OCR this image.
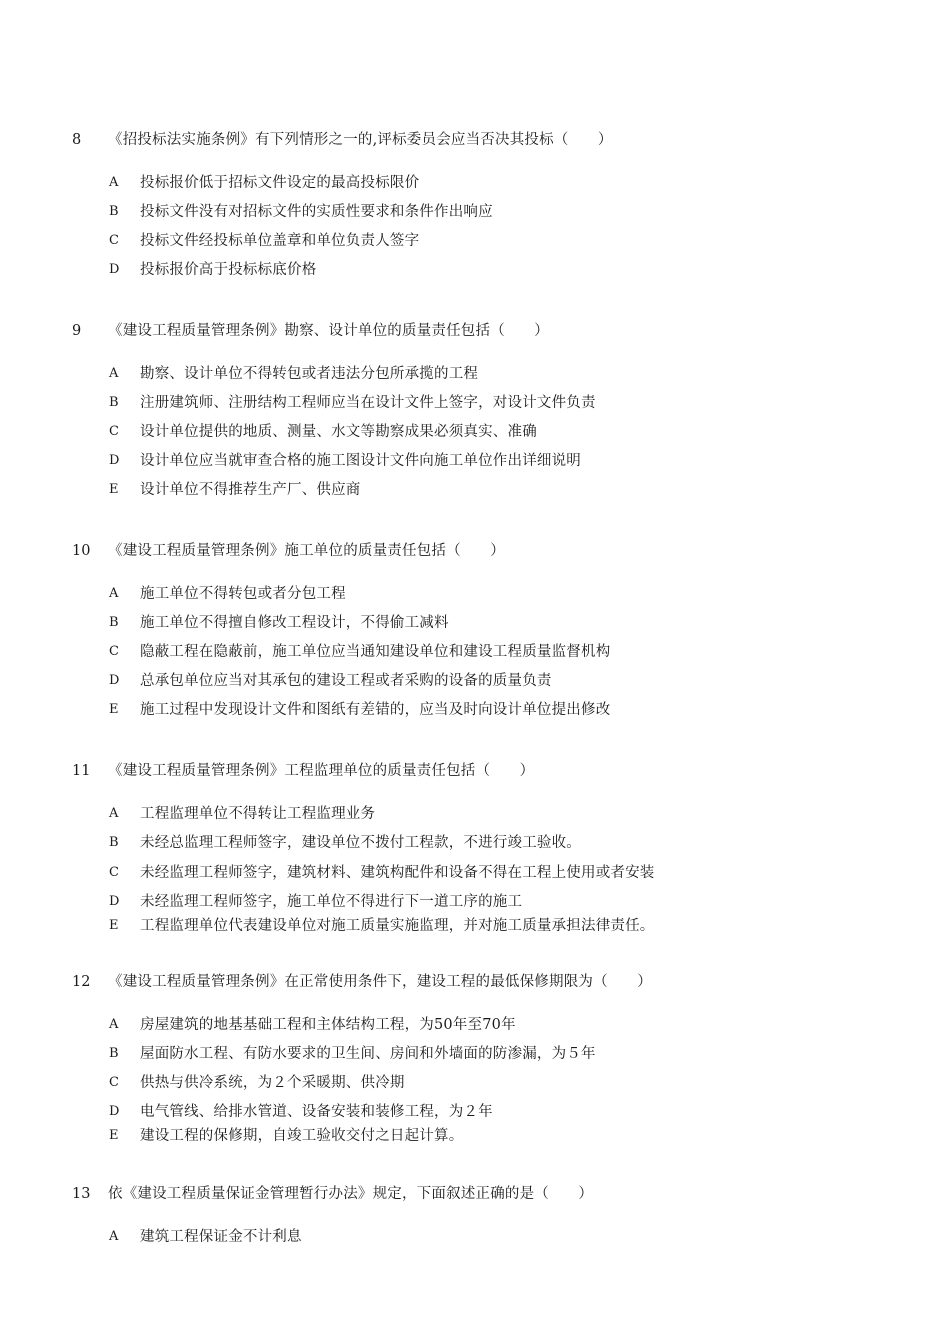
8 《招投标法实施条例》有下列情形之一的,评标委员会应当否决其投标（　　）
A 投标报价低于招标文件设定的最高投标限价
B 投标文件没有对招标文件的实质性要求和条件作出响应
C 投标文件经投标单位盖章和单位负责人签字
D 投标报价高于投标标底价格
9 《建设工程质量管理条例》勘察、设计单位的质量责任包括（　　）
A 勘察、设计单位不得转包或者违法分包所承揽的工程
B 注册建筑师、注册结构工程师应当在设计文件上签字，对设计文件负责
C 设计单位提供的地质、测量、水文等勘察成果必须真实、准确
D 设计单位应当就审查合格的施工图设计文件向施工单位作出详细说明
E 设计单位不得推荐生产厂、供应商
10 《建设工程质量管理条例》施工单位的质量责任包括（　　）
A 施工单位不得转包或者分包工程
B 施工单位不得擅自修改工程设计，不得偷工减料
C 隐蔽工程在隐蔽前，施工单位应当通知建设单位和建设工程质量监督机构
D 总承包单位应当对其承包的建设工程或者采购的设备的质量负责
E 施工过程中发现设计文件和图纸有差错的，应当及时向设计单位提出修改
11 《建设工程质量管理条例》工程监理单位的质量责任包括（　　）
A 工程监理单位不得转让工程监理业务
B 未经总监理工程师签字，建设单位不拨付工程款，不进行竣工验收。
C 未经监理工程师签字，建筑材料、建筑构配件和设备不得在工程上使用或者安装
D 未经监理工程师签字，施工单位不得进行下一道工序的施工
E 工程监理单位代表建设单位对施工质量实施监理，并对施工质量承担法律责任。
12 《建设工程质量管理条例》在正常使用条件下，建设工程的最低保修期限为（　　）
A 房屋建筑的地基基础工程和主体结构工程，为50年至70年
B 屋面防水工程、有防水要求的卫生间、房间和外墙面的防渗漏，为５年
C 供热与供冷系统，为２个采暖期、供冷期
D 电气管线、给排水管道、设备安装和装修工程，为２年
E 建设工程的保修期，自竣工验收交付之日起计算。
13 依《建设工程质量保证金管理暂行办法》规定，下面叙述正确的是（　　）
A 建筑工程保证金不计利息
